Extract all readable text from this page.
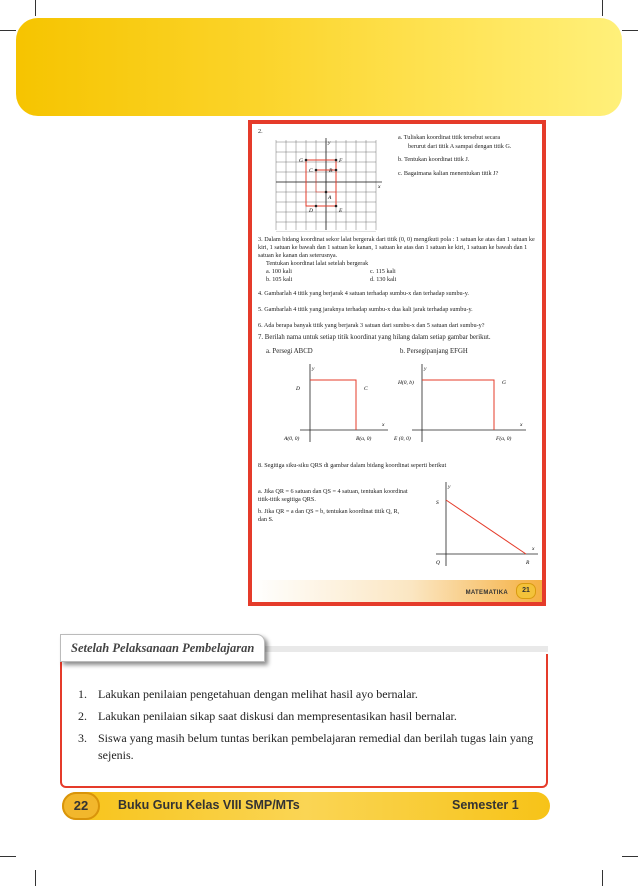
2.
y
x
G	F
C	B
A
D	E
a. Tuliskan koordinat titik tersebut secara
berurut dari titik A sampai dengan titik G.
b. Tentukan koordinat titik J.
c. Bagaimana kalian menentukan titik J?
3. Dalam bidang koordinat sekor lalat bergerak dari titik (0, 0) mengikuti pola : 1 satuan ke atas dan 1 satuan ke kiri, 1 satuan ke bawah dan 1 satuan ke kanan, 1 satuan ke atas dan 1 satuan ke kiri, 1 satuan ke bawah dan 1 satuan ke kanan dan seterusnya.
Tentukan koordinat lalat setelah bergerak
a. 100 kali
b. 105 kali
c. 115 kali
d. 130 kali
4. Gambarlah 4 titik yang berjarak 4 satuan terhadap sumbu-x dan terhadap sumbu-y.
5. Gambarlah 4 titik yang jaraknya terhadap sumbu-x dua kali jarak terhadap sumbu-y.
6. Ada berapa banyak titik yang berjarak 3 satuan dari sumbu-x dan 5 satuan dari sumbu-y?
7. Berilah nama untuk setiap titik koordinat yang hilang dalam setiap gambar berikut.
a. Persegi ABCD	b. Persegipanjang EFGH
y
x
D	C
A(0, 0)	B(a, 0)
y
x
H(0, b)	G
E (0, 0)	F(a, 0)
8. Segitiga siku-siku QRS di gambar dalam bidang koordinat seperti berikut
a. Jika QR = 6 satuan dan QS = 4 satuan, tentukan koordinat titik-titik segitiga QRS.
b. Jika QR = a dan QS = b, tentukan koordinat titik Q, R, dan S.
y
x
S
Q	R
MATEMATIKA	21
Setelah Pelaksanaan Pembelajaran
1. Lakukan penilaian pengetahuan dengan melihat hasil ayo bernalar.
2. Lakukan penilaian sikap saat diskusi dan mempresentasikan hasil bernalar.
3. Siswa yang masih belum tuntas berikan pembelajaran remedial dan berilah tugas lain yang sejenis.
22	Buku Guru Kelas VIII SMP/MTs	Semester 1
